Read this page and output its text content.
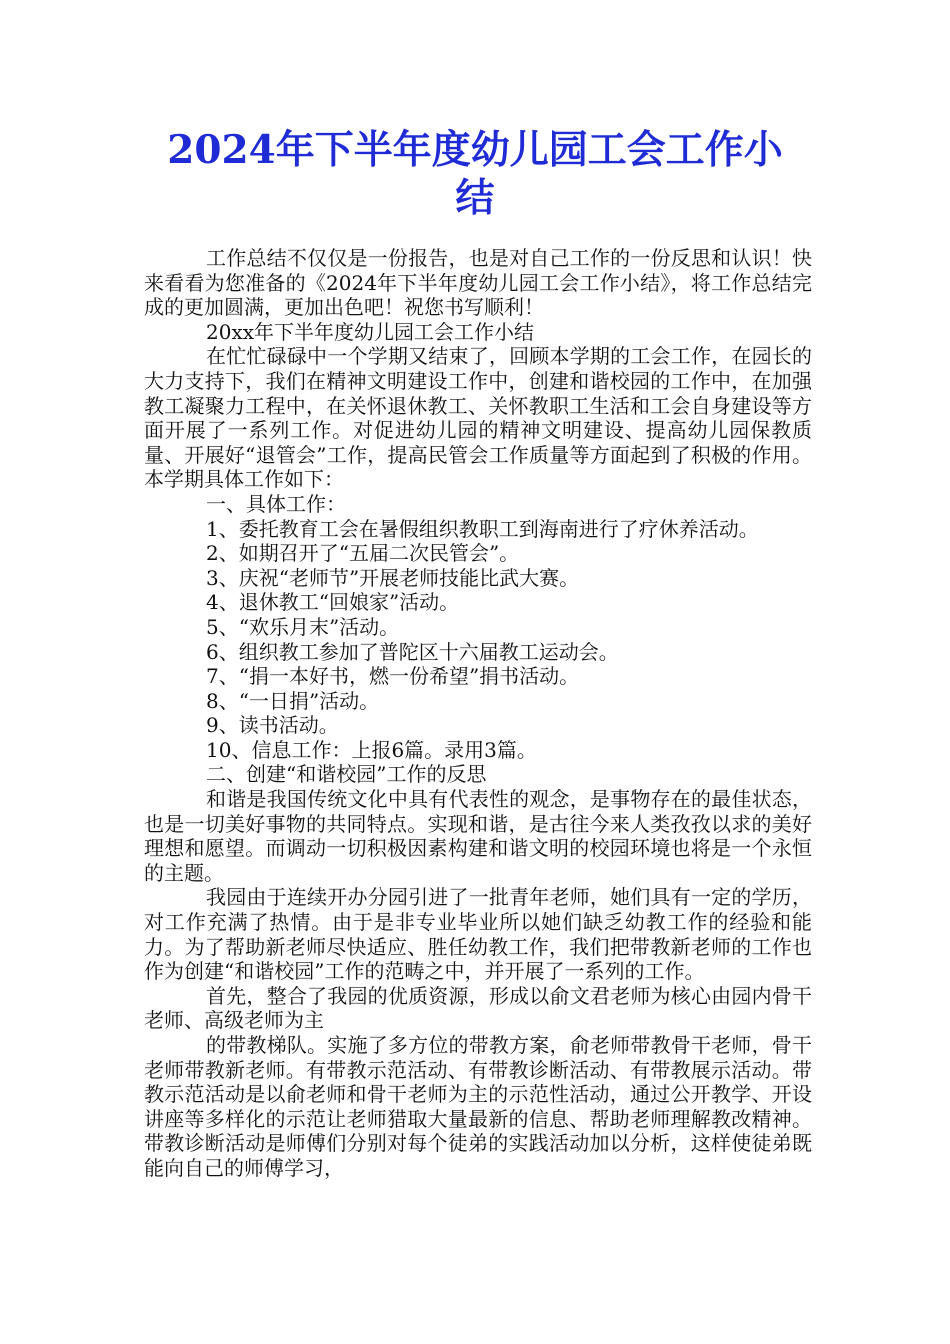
2024年下半年度幼儿园工会工作小
结

工作总结不仅仅是一份报告，也是对自己工作的一份反思和认识！快来看看为您准备的《2024年下半年度幼儿园工会工作小结》，将工作总结完成的更加圆满，更加出色吧！祝您书写顺利！

20xx年下半年度幼儿园工会工作小结

在忙忙碌碌中一个学期又结束了，回顾本学期的工会工作，在园长的大力支持下，我们在精神文明建设工作中，创建和谐校园的工作中，在加强教工凝聚力工程中，在关怀退休教工、关怀教职工生活和工会自身建设等方面开展了一系列工作。对促进幼儿园的精神文明建设、提高幼儿园保教质量、开展好“退管会”工作，提高民管会工作质量等方面起到了积极的作用。本学期具体工作如下：

一、具体工作：

1、委托教育工会在暑假组织教职工到海南进行了疗休养活动。

2、如期召开了“五届二次民管会”。

3、庆祝“老师节”开展老师技能比武大赛。

4、退休教工“回娘家”活动。

5、“欢乐月末”活动。

6、组织教工参加了普陀区十六届教工运动会。

7、“捐一本好书，燃一份希望”捐书活动。

8、“一日捐”活动。

9、读书活动。

10、信息工作：上报6篇。录用3篇。

二、创建“和谐校园”工作的反思

和谐是我国传统文化中具有代表性的观念，是事物存在的最佳状态，也是一切美好事物的共同特点。实现和谐，是古往今来人类孜孜以求的美好理想和愿望。而调动一切积极因素构建和谐文明的校园环境也将是一个永恒的主题。

我园由于连续开办分园引进了一批青年老师，她们具有一定的学历，对工作充满了热情。由于是非专业毕业所以她们缺乏幼教工作的经验和能力。为了帮助新老师尽快适应、胜任幼教工作，我们把带教新老师的工作也作为创建“和谐校园”工作的范畴之中，并开展了一系列的工作。

首先，整合了我园的优质资源，形成以俞文君老师为核心由园内骨干老师、高级老师为主

的带教梯队。实施了多方位的带教方案，俞老师带教骨干老师，骨干老师带教新老师。有带教示范活动、有带教诊断活动、有带教展示活动。带教示范活动是以俞老师和骨干老师为主的示范性活动，通过公开教学、开设讲座等多样化的示范让老师猎取大量最新的信息、帮助老师理解教改精神。带教诊断活动是师傅们分别对每个徒弟的实践活动加以分析，这样使徒弟既能向自己的师傅学习，
